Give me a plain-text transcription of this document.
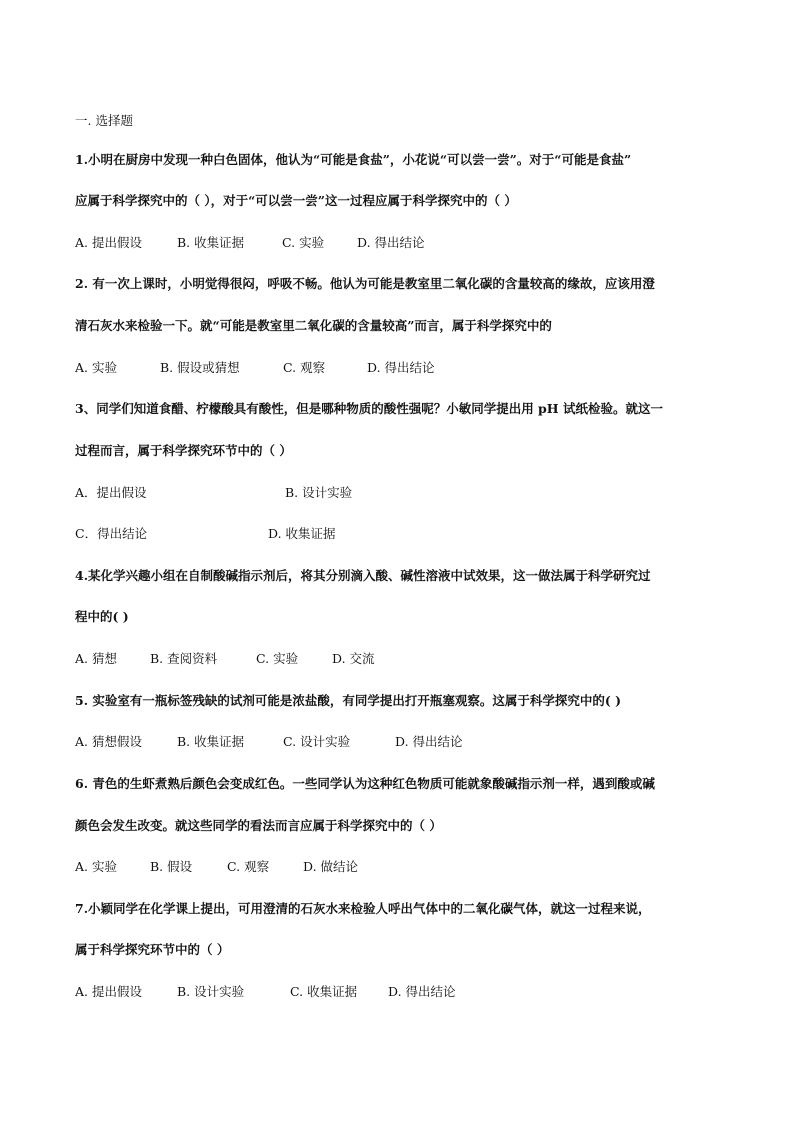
一. 选择题
1.小明在厨房中发现一种白色固体，他认为“可能是食盐”，小花说“可以尝一尝”。对于“可能是食盐”
应属于科学探究中的（ ），对于“可以尝一尝”这一过程应属于科学探究中的（ ）
A. 提出假设	B. 收集证据	C. 实验	D. 得出结论
2. 有一次上课时，小明觉得很闷，呼吸不畅。他认为可能是教室里二氧化碳的含量较高的缘故，应该用澄
清石灰水来检验一下。就“可能是教室里二氧化碳的含量较高”而言，属于科学探究中的
A. 实验	B. 假设或猜想	C. 观察	D. 得出结论
3、同学们知道食醋、柠檬酸具有酸性，但是哪种物质的酸性强呢？小敏同学提出用 pH 试纸检验。就这一
过程而言，属于科学探究环节中的（ ）
A．提出假设	B. 设计实验
C．得出结论	D. 收集证据
4.某化学兴趣小组在自制酸碱指示剂后，将其分别滴入酸、碱性溶液中试效果，这一做法属于科学研究过
程中的( )
A. 猜想	B. 查阅资料	C. 实验	D. 交流
5. 实验室有一瓶标签残缺的试剂可能是浓盐酸，有同学提出打开瓶塞观察。这属于科学探究中的( )
A. 猜想假设	B. 收集证据	C. 设计实验	D. 得出结论
6. 青色的生虾煮熟后颜色会变成红色。一些同学认为这种红色物质可能就象酸碱指示剂一样，遇到酸或碱
颜色会发生改变。就这些同学的看法而言应属于科学探究中的（ ）
A. 实验	B. 假设	C. 观察	D. 做结论
7.小颖同学在化学课上提出，可用澄清的石灰水来检验人呼出气体中的二氧化碳气体，就这一过程来说，
属于科学探究环节中的（ ）
A. 提出假设	B. 设计实验	C. 收集证据 D. 得出结论
